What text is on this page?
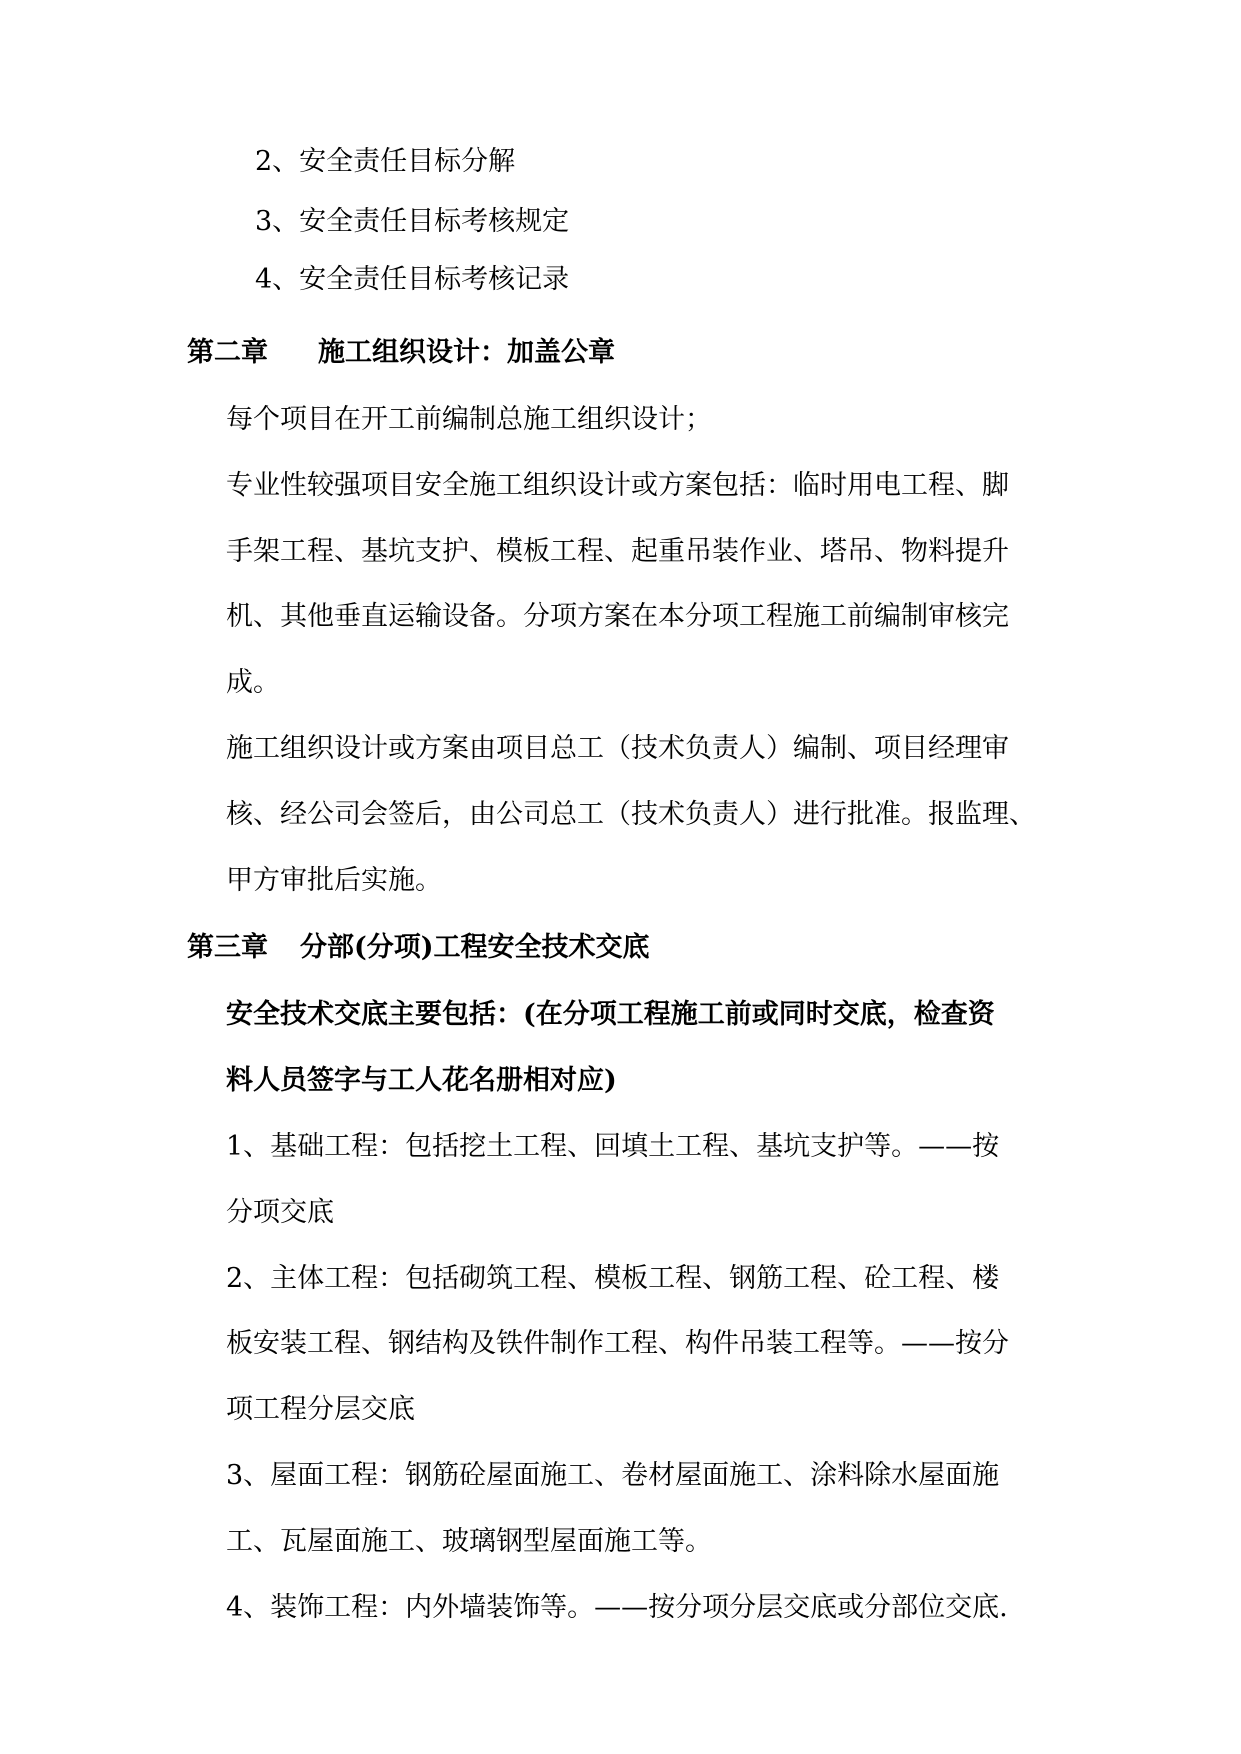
2、安全责任目标分解

3、安全责任目标考核规定

4、安全责任目标考核记录

第二章 施工组织设计：加盖公章

每个项目在开工前编制总施工组织设计；

专业性较强项目安全施工组织设计或方案包括：临时用电工程、脚

手架工程、基坑支护、模板工程、起重吊装作业、塔吊、物料提升

机、其他垂直运输设备。分项方案在本分项工程施工前编制审核完

成。

施工组织设计或方案由项目总工（技术负责人）编制、项目经理审

核、经公司会签后，由公司总工（技术负责人）进行批准。报监理、

甲方审批后实施。

第三章 分部(分项)工程安全技术交底

安全技术交底主要包括：(在分项工程施工前或同时交底，检查资

料人员签字与工人花名册相对应)

1、基础工程：包括挖土工程、回填土工程、基坑支护等。——按

分项交底

2、主体工程：包括砌筑工程、模板工程、钢筋工程、砼工程、楼

板安装工程、钢结构及铁件制作工程、构件吊装工程等。——按分

项工程分层交底

3、屋面工程：钢筋砼屋面施工、卷材屋面施工、涂料除水屋面施

工、瓦屋面施工、玻璃钢型屋面施工等。

4、装饰工程：内外墙装饰等。——按分项分层交底或分部位交底.
